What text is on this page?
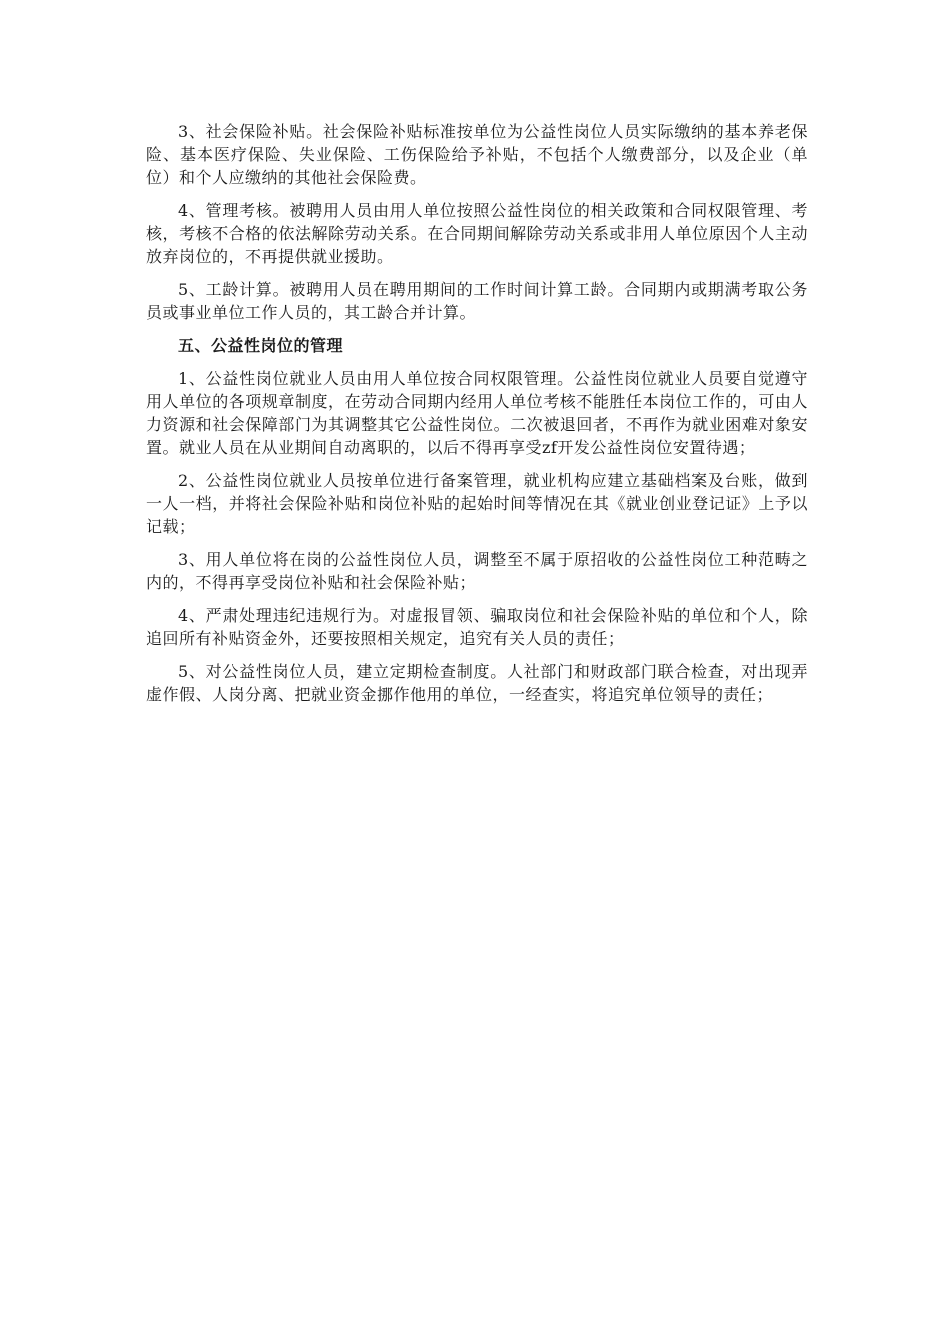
3、社会保险补贴。社会保险补贴标准按单位为公益性岗位人员实际缴纳的基本养老保险、基本医疗保险、失业保险、工伤保险给予补贴，不包括个人缴费部分，以及企业（单位）和个人应缴纳的其他社会保险费。

4、管理考核。被聘用人员由用人单位按照公益性岗位的相关政策和合同权限管理、考核，考核不合格的依法解除劳动关系。在合同期间解除劳动关系或非用人单位原因个人主动放弃岗位的，不再提供就业援助。

5、工龄计算。被聘用人员在聘用期间的工作时间计算工龄。合同期内或期满考取公务员或事业单位工作人员的，其工龄合并计算。

五、公益性岗位的管理

1、公益性岗位就业人员由用人单位按合同权限管理。公益性岗位就业人员要自觉遵守用人单位的各项规章制度，在劳动合同期内经用人单位考核不能胜任本岗位工作的，可由人力资源和社会保障部门为其调整其它公益性岗位。二次被退回者，不再作为就业困难对象安置。就业人员在从业期间自动离职的，以后不得再享受zf开发公益性岗位安置待遇；

2、公益性岗位就业人员按单位进行备案管理，就业机构应建立基础档案及台账，做到一人一档，并将社会保险补贴和岗位补贴的起始时间等情况在其《就业创业登记证》上予以记载；

3、用人单位将在岗的公益性岗位人员，调整至不属于原招收的公益性岗位工种范畴之内的，不得再享受岗位补贴和社会保险补贴；

4、严肃处理违纪违规行为。对虚报冒领、骗取岗位和社会保险补贴的单位和个人，除追回所有补贴资金外，还要按照相关规定，追究有关人员的责任；

5、对公益性岗位人员，建立定期检查制度。人社部门和财政部门联合检查，对出现弄虚作假、人岗分离、把就业资金挪作他用的单位，一经查实，将追究单位领导的责任；
